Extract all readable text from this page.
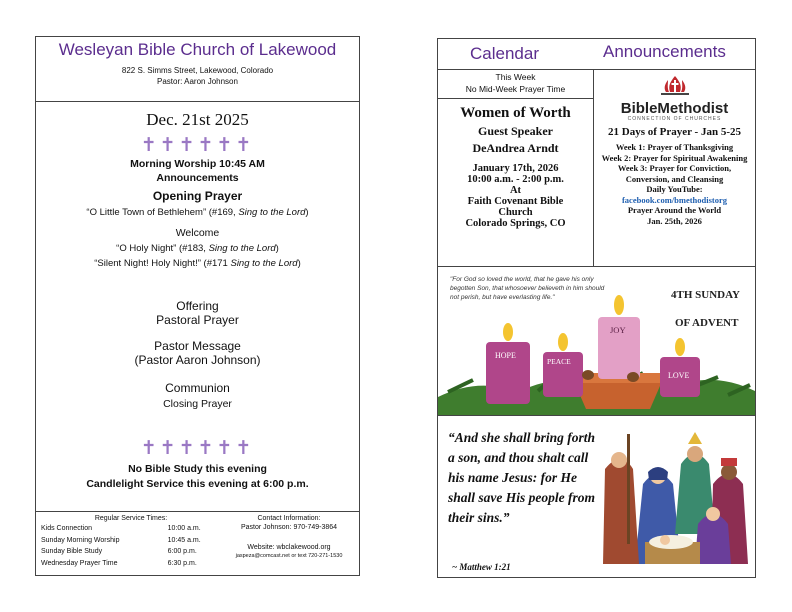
Wesleyan Bible Church of Lakewood
822 S. Simms Street, Lakewood, Colorado
Pastor: Aaron Johnson
Dec. 21st 2025
✝✝✝✝✝✝
Morning Worship 10:45 AM
Announcements
Opening Prayer
“O Little Town of Bethlehem” (#169, Sing to the Lord)
Welcome
“O Holy Night” (#183, Sing to the Lord)
“Silent Night! Holy Night!” (#171 Sing to the Lord)
Offering
Pastoral Prayer
Pastor Message
(Pastor Aaron Johnson)
Communion
Closing Prayer
✝✝✝✝✝✝
No Bible Study this evening
Candlelight Service this evening at 6:00 p.m.
Regular Service Times:
Kids Connection	10:00 a.m.
Sunday Morning Worship	10:45 a.m.
Sunday Bible Study	6:00 p.m.
Wednesday Prayer Time	6:30 p.m.
Contact Information:
Pastor Johnson: 970-749-3864
Website: wbclakewood.org
jaspeza@comcast.net or text 720-271-1530
Calendar	Announcements
This Week
No Mid-Week Prayer Time
Women of Worth
Guest Speaker
DeAndrea Arndt
January 17th, 2026
10:00 a.m. - 2:00 p.m.
At
Faith Covenant Bible
Church
Colorado Springs, CO
BibleMethodist
CONNECTION OF CHURCHES
21 Days of Prayer - Jan 5-25
Week 1: Prayer of Thanksgiving
Week 2: Prayer for Spiritual Awakening
Week 3: Prayer for Conviction, Conversion, and Cleansing
Daily YouTube:
facebook.com/bmethodistorg
Prayer Around the World
Jan. 25th, 2026
"For God so loved the world, that he gave his only begotten Son, that whosoever believeth in him should not perish, but have everlasting life."	4TH SUNDAY
OF ADVENT
HOPE
PEACE
JOY
LOVE
“And she shall bring forth a son, and thou shalt call his name Jesus: for He shall save His people from their sins.”
~ Matthew 1:21
